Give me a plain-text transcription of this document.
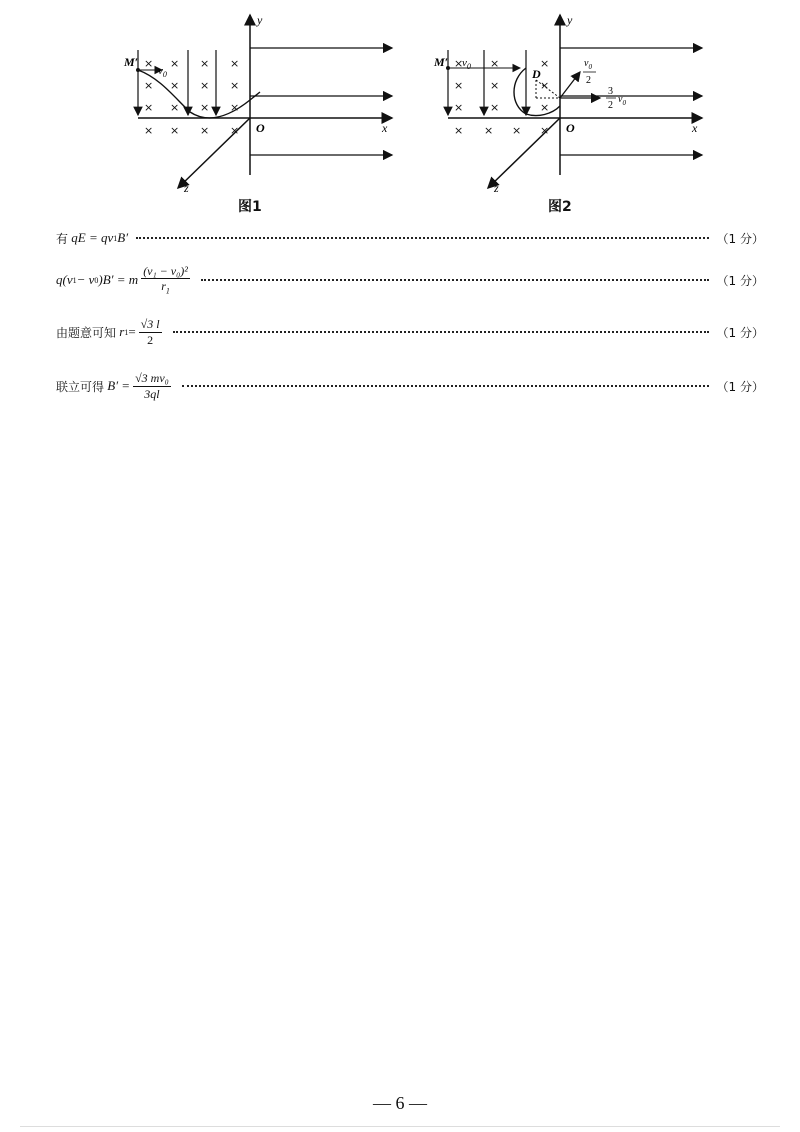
× × × ×
× × × ×
× × × ×
× × × ×
M′
$v_0$
y
x
z
O
图1
× ×	×
× ×	×
× ×	×
× × × ×
M′ $v_0$
D
$v_0$
2
3
2
$v_0$
y
x
z
O
图2
有
qE = qv 1 B′	（1 分）
q(v 1 − v 0 )B′ = m $\frac{\text{(v₁ − v₀)²}}{r_1}$	（1 分）
由题意可知
r $1 = \frac{√3 l}{2}$	（1 分）
联立可得
$B' = \frac{\text{√3 mv₀}}{3ql}$	（1 分）
— 6 —
